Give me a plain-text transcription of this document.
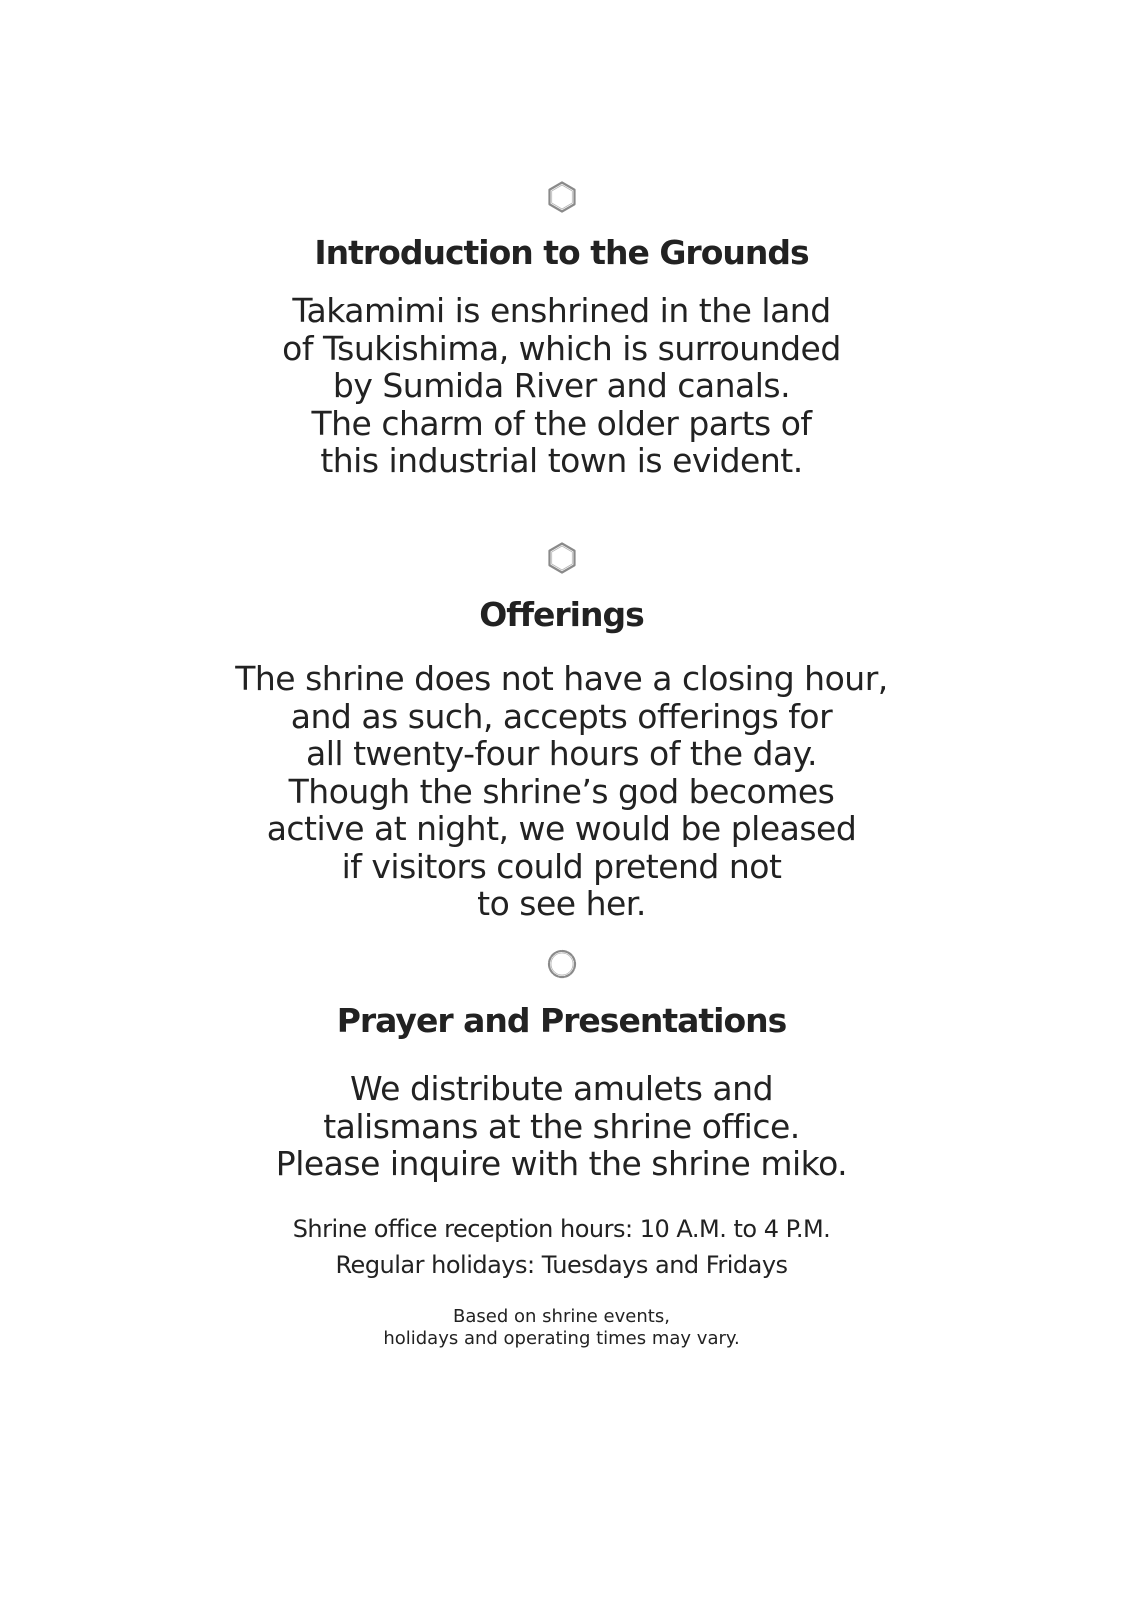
Introduction to the Grounds
Takamimi is enshrined in the land
of Tsukishima, which is surrounded
by Sumida River and canals.
The charm of the older parts of
this industrial town is evident.
Offerings
The shrine does not have a closing hour,
and as such, accepts offerings for
all twenty-four hours of the day.
Though the shrine’s god becomes
active at night, we would be pleased
if visitors could pretend not
to see her.
Prayer and Presentations
We distribute amulets and
talismans at the shrine office.
Please inquire with the shrine miko.

Shrine office reception hours: 10 A.M. to 4 P.M.

Regular holidays: Tuesdays and Fridays

Based on shrine events,
holidays and operating times may vary.
